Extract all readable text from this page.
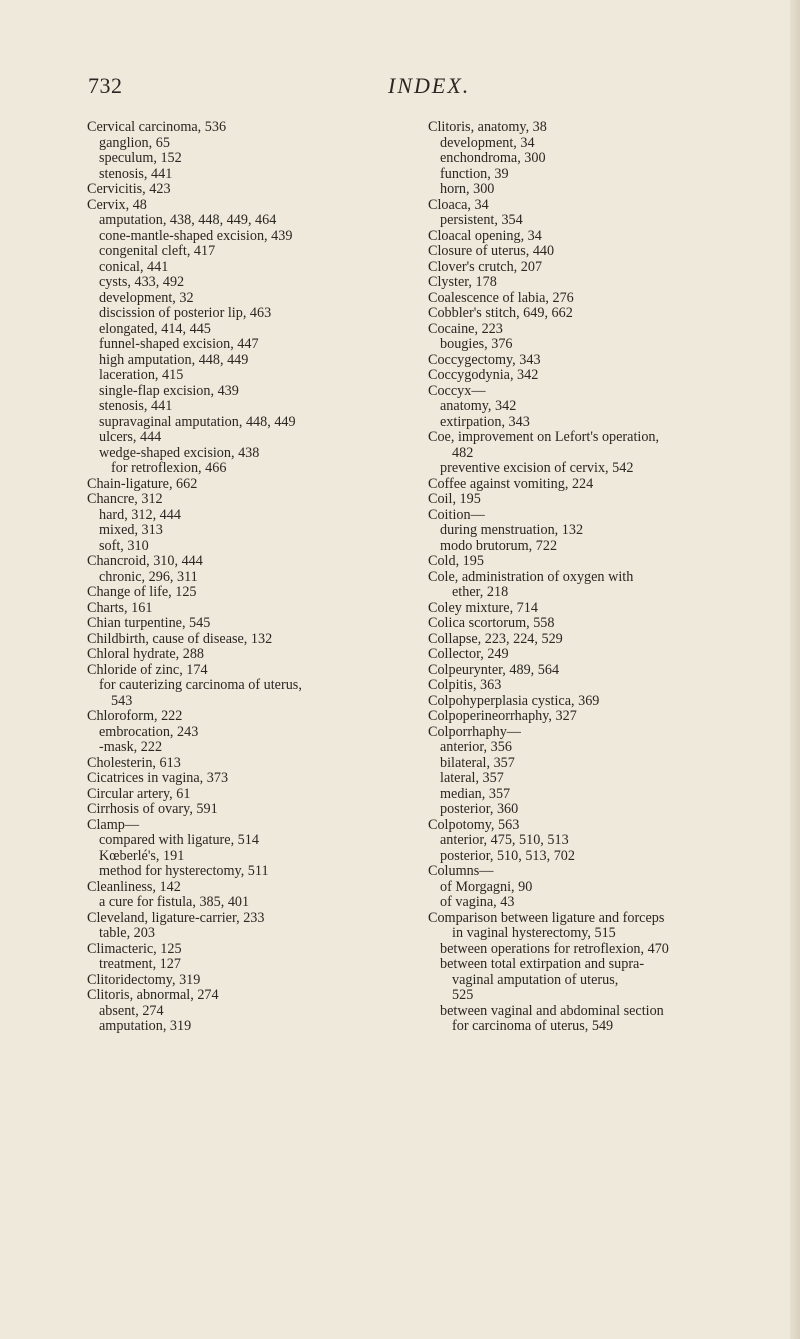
732	INDEX.
Cervical carcinoma, 536
ganglion, 65
speculum, 152
stenosis, 441
Cervicitis, 423
Cervix, 48
amputation, 438, 448, 449, 464
cone-mantle-shaped excision, 439
congenital cleft, 417
conical, 441
cysts, 433, 492
development, 32
discission of posterior lip, 463
elongated, 414, 445
funnel-shaped excision, 447
high amputation, 448, 449
laceration, 415
single-flap excision, 439
stenosis, 441
supravaginal amputation, 448, 449
ulcers, 444
wedge-shaped excision, 438
for retroflexion, 466
Chain-ligature, 662
Chancre, 312
hard, 312, 444
mixed, 313
soft, 310
Chancroid, 310, 444
chronic, 296, 311
Change of life, 125
Charts, 161
Chian turpentine, 545
Childbirth, cause of disease, 132
Chloral hydrate, 288
Chloride of zinc, 174
for cauterizing carcinoma of uterus,
543
Chloroform, 222
embrocation, 243
-mask, 222
Cholesterin, 613
Cicatrices in vagina, 373
Circular artery, 61
Cirrhosis of ovary, 591
Clamp—
compared with ligature, 514
Kœberlé's, 191
method for hysterectomy, 511
Cleanliness, 142
a cure for fistula, 385, 401
Cleveland, ligature-carrier, 233
table, 203
Climacteric, 125
treatment, 127
Clitoridectomy, 319
Clitoris, abnormal, 274
absent, 274
amputation, 319
Clitoris, anatomy, 38
development, 34
enchondroma, 300
function, 39
horn, 300
Cloaca, 34
persistent, 354
Cloacal opening, 34
Closure of uterus, 440
Clover's crutch, 207
Clyster, 178
Coalescence of labia, 276
Cobbler's stitch, 649, 662
Cocaine, 223
bougies, 376
Coccygectomy, 343
Coccygodynia, 342
Coccyx—
anatomy, 342
extirpation, 343
Coe, improvement on Lefort's operation,
482
preventive excision of cervix, 542
Coffee against vomiting, 224
Coil, 195
Coition—
during menstruation, 132
modo brutorum, 722
Cold, 195
Cole, administration of oxygen with
ether, 218
Coley mixture, 714
Colica scortorum, 558
Collapse, 223, 224, 529
Collector, 249
Colpeurynter, 489, 564
Colpitis, 363
Colpohyperplasia cystica, 369
Colpoperineorrhaphy, 327
Colporrhaphy—
anterior, 356
bilateral, 357
lateral, 357
median, 357
posterior, 360
Colpotomy, 563
anterior, 475, 510, 513
posterior, 510, 513, 702
Columns—
of Morgagni, 90
of vagina, 43
Comparison between ligature and forceps
in vaginal hysterectomy, 515
between operations for retroflexion, 470
between total extirpation and supra-
vaginal amputation of uterus,
525
between vaginal and abdominal section
for carcinoma of uterus, 549
